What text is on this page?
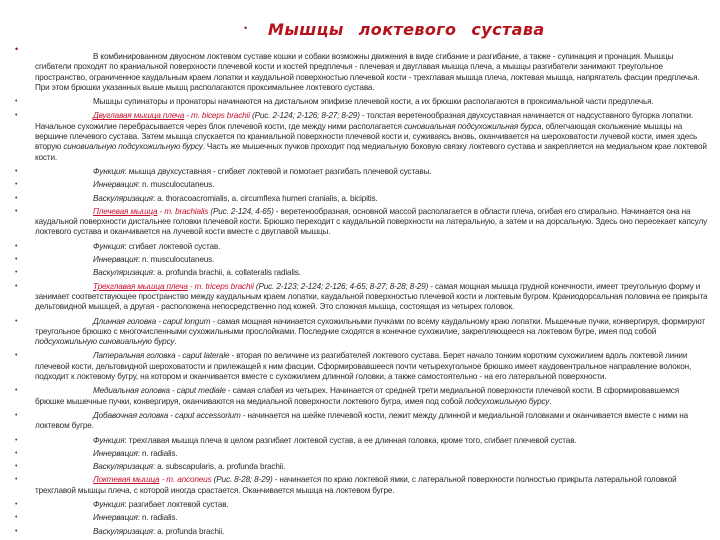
• Мышцы локтевого сустава
•
В комбинированном двуосном локтевом суставе кошки и собаки возможны движения в виде сгибание и разгибание, а также - супинация и пронация. Мышцы сгибатели проходят по краниальной поверхности плечевой кости и костей предплечья - плечевая и двуглавая мышца плеча, а мышцы разгибатели занимают треугольное пространство, ограниченное каудальным краем лопатки и каудальной поверхностью плечевой кости - трехглавая мышца плеча, локтевая мышца, напрягатель фасции предплечья. При этом брюшки указанных выше мышц располагаются проксимальнее локтевого сустава.
•	Мышцы супинаторы и пронаторы начинаются на дистальном эпифизе плечевой кости, а их брюшки располагаются в проксимальной части предплечья.
•	Двуглавая мышца плеча - m. biceps brachii (Рис. 2-124; 2-126; 8-27; 8-29) - толстая веретенообразная двухсуставная начинается от надсуставного бугорка лопатки. Начальное сухожилие перебрасывается через блок плечевой кости, где между ними располагается синовиальная подсухожильная бурса, облегчающая скольжение мышцы на вершине плечевого сустава. Затем мышца спускается по краниальной поверхности плечевой кости и, суживаясь вновь, оканчивается на шероховатости лучевой кости, имея здесь вторую синовиальную подсухожильную бурсу. Часть же мышечных пучков проходит под медиальную боковую связку локтевого сустава и закрепляется на медиальном крае локтевой кости.
•	Функция: мышца двухсуставная - сгибает локтевой и помогает разгибать плечевой суставы.
•	Иннервация: n. musculocutaneus.
•	Васкуляризация: a. thoracoacromialis, a. circumflexa humeri cranialis, a. bicipitis.
•	Плечевая мышца - m. brachialis (Рис. 2-124, 4-65) - веретенообразная, основной массой располагается в области плеча, огибая его спирально. Начинается она на каудальной поверхности дистальнее головки плечевой кости. Брюшко переходит с каудальной поверхности на латеральную, а затем и на дорсальную. Здесь оно пересекает капсулу локтевого сустава и оканчивается на лучевой кости вместе с двуглавой мышцы.
•	Функция: сгибает локтевой сустав.
•	Иннервация: n. musculocutaneus.
•	Васкуляризация: a. profunda brachii, a. collateralis radialis.
•	Трехглавая мышца плеча - m. triceps brachii (Рис. 2-123; 2-124; 2-126; 4-65; 8-27; 8-28; 8-29) - самая мощная мышца грудной конечности, имеет треугольную форму и занимает соответствующее пространство между каудальным краем лопатки, каудальной поверхностью плечевой кости и локтевым бугром. Краниодорсальная половина ее прикрыта дельтовидной мышцей, а другая - расположена непосредственно под кожей. Это сложная мышца, состоящая из четырех головок.
•	Длинная головка - caput longum - самая мощная начинается сухожильными пучками по всему каудальному краю лопатки. Мышечные пучки, конвергируя, формируют треугольное брюшко с многочисленными сухожильными прослойками. Последние сходятся в конечное сухожилие, закрепляющееся на локтевом бугре, имея под собой подсухожильную синовиальную бурсу.
•	Латеральная головка - caput laterale - вторая по величине из разгибателей локтевого сустава. Берет начало тонким коротким сухожилием вдоль локтевой линии плечевой кости, дельтовидной шероховатости и прилежащей к ним фасции. Сформировавшееся почти четырехугольное брюшко имеет каудовентральное направление волокон, подходит к локтевому бугру, на котором и оканчивается вместе с сухожилием длинной головки, а также самостоятельно - на его латеральной поверхности.
•	Медиальная головка - caput mediale - самая слабая из четырех. Начинается от средней трети медиальной поверхности плечевой кости. В сформировавшемся брюшке мышечные пучки, конвергируя, оканчиваются на медиальной поверхности локтевого бугра, имея под собой подсухожильную бурсу.
•	Добавочная головка - caput accessorium - начинается на шейке плечевой кости, лежит между длинной и медиальной головками и оканчивается вместе с ними на локтевом бугре.
•	Функция: трехглавая мышца плеча в целом разгибает локтевой сустав, а ее длинная головка, кроме того, сгибает плечевой сустав.
•	Иннервация: n. radialis.
•	Васкуляризация: a. subscapularis, a. profunda brachii.
•	Локтевая мышца - m. anconeus (Рис. 8-28; 8-29) - начинается по краю локтевой ямки, с латеральной поверхности полностью прикрыта латеральной головкой трехглавой мышцы плеча, с которой иногда срастается. Оканчивается мышца на локтевом бугре.
•	Функция: разгибает локтевой сустав.
•	Иннервация: n. radialis.
•	Васкуляризация: a. profunda brachii.
